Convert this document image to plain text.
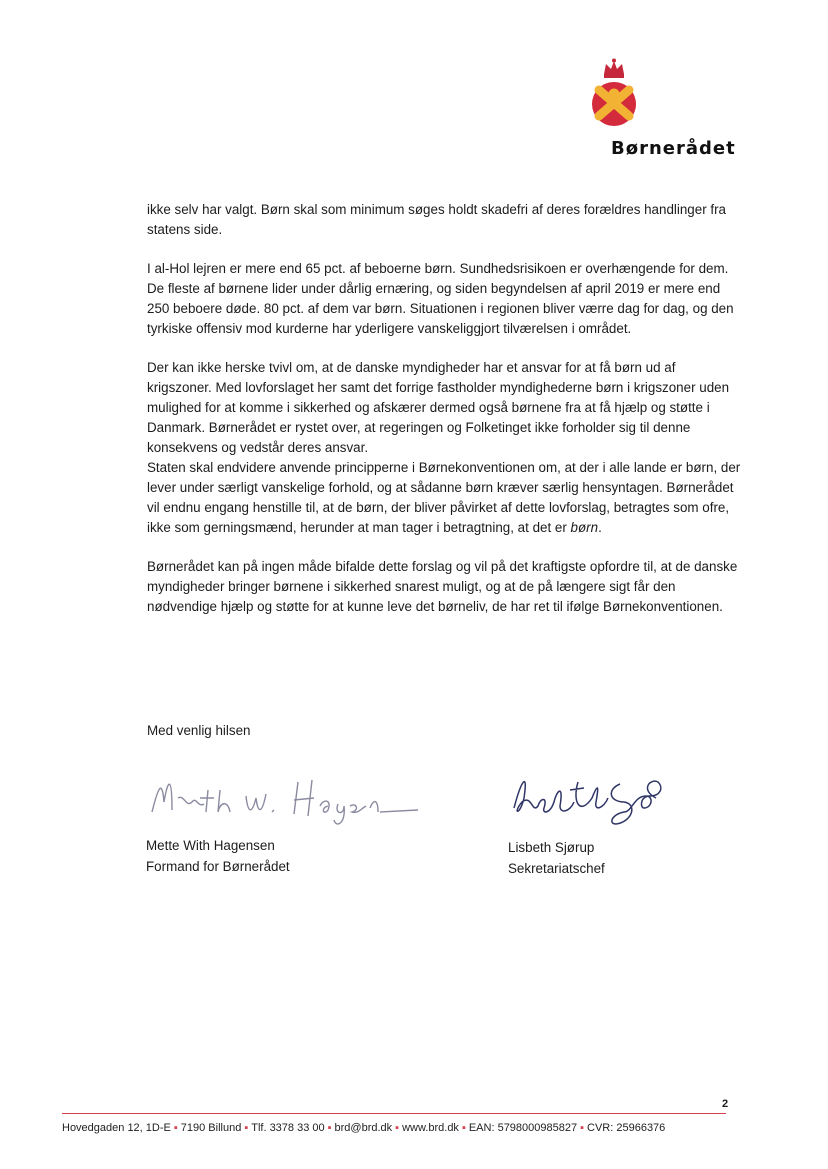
Børnerådet

ikke selv har valgt. Børn skal som minimum søges holdt skadefri af deres forældres handlinger fra statens side.

I al-Hol lejren er mere end 65 pct. af beboerne børn. Sundhedsrisikoen er overhængende for dem. De fleste af børnene lider under dårlig ernæring, og siden begyndelsen af april 2019 er mere end 250 beboere døde. 80 pct. af dem var børn. Situationen i regionen bliver værre dag for dag, og den tyrkiske offensiv mod kurderne har yderligere vanskeliggjort tilværelsen i området.

Der kan ikke herske tvivl om, at de danske myndigheder har et ansvar for at få børn ud af krigszoner. Med lovforslaget her samt det forrige fastholder myndighederne børn i krigszoner uden mulighed for at komme i sikkerhed og afskærer dermed også børnene fra at få hjælp og støtte i Danmark. Børnerådet er rystet over, at regeringen og Folketinget ikke forholder sig til denne konsekvens og vedstår deres ansvar.

Staten skal endvidere anvende principperne i Børnekonventionen om, at der i alle lande er børn, der lever under særligt vanskelige forhold, og at sådanne børn kræver særlig hensyntagen. Børnerådet vil endnu engang henstille til, at de børn, der bliver påvirket af dette lovforslag, betragtes som ofre, ikke som gerningsmænd, herunder at man tager i betragtning, at det er børn.

Børnerådet kan på ingen måde bifalde dette forslag og vil på det kraftigste opfordre til, at de danske myndigheder bringer børnene i sikkerhed snarest muligt, og at de på længere sigt får den nødvendige hjælp og støtte for at kunne leve det børneliv, de har ret til ifølge Børnekonventionen.

Med venlig hilsen
Mette With Hagensen
Formand for Børnerådet
Lisbeth Sjørup
Sekretariatschef
2
Hovedgaden 12, 1D-E ▪ 7190 Billund ▪ Tlf. 3378 33 00 ▪ brd@brd.dk ▪ www.brd.dk ▪ EAN: 5798000985827 ▪ CVR: 25966376
